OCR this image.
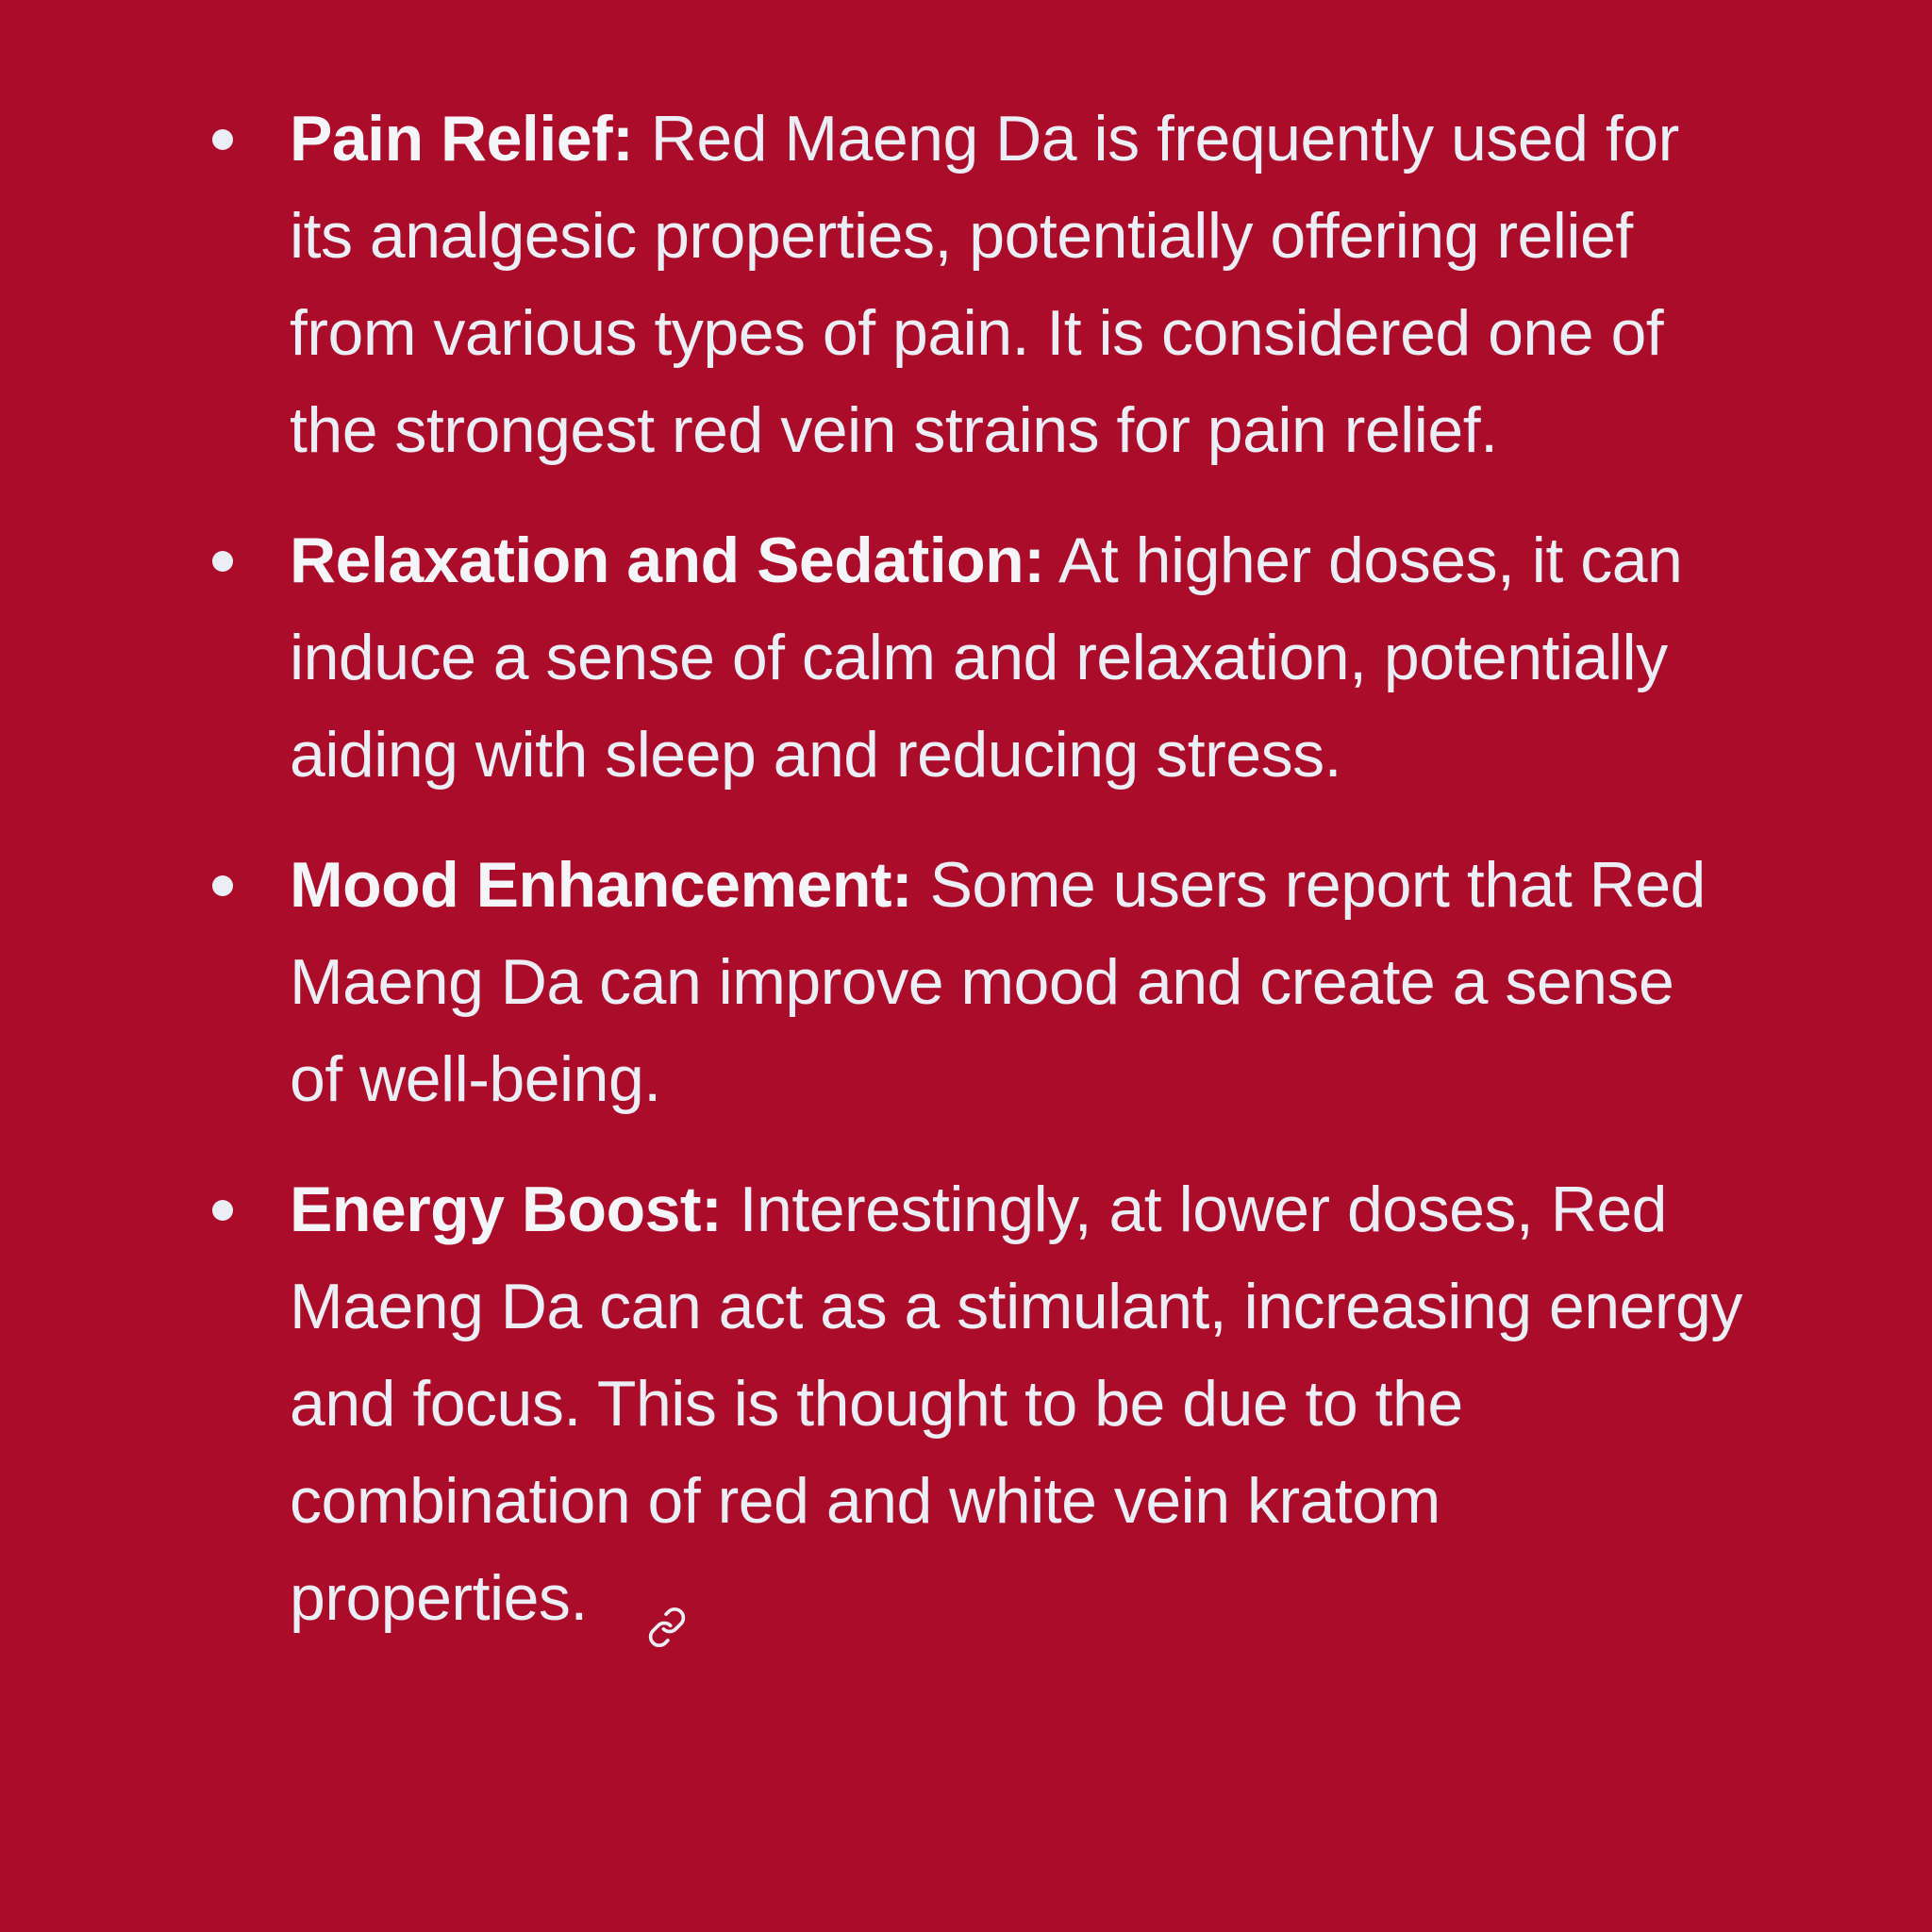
Pain Relief: Red Maeng Da is frequently used for its analgesic properties, potentially offering relief from various types of pain. It is considered one of the strongest red vein strains for pain relief.
Relaxation and Sedation: At higher doses, it can induce a sense of calm and relaxation, potentially aiding with sleep and reducing stress.
Mood Enhancement: Some users report that Red Maeng Da can improve mood and create a sense of well-being.
Energy Boost: Interestingly, at lower doses, Red Maeng Da can act as a stimulant, increasing energy and focus. This is thought to be due to the combination of red and white vein kratom properties.
